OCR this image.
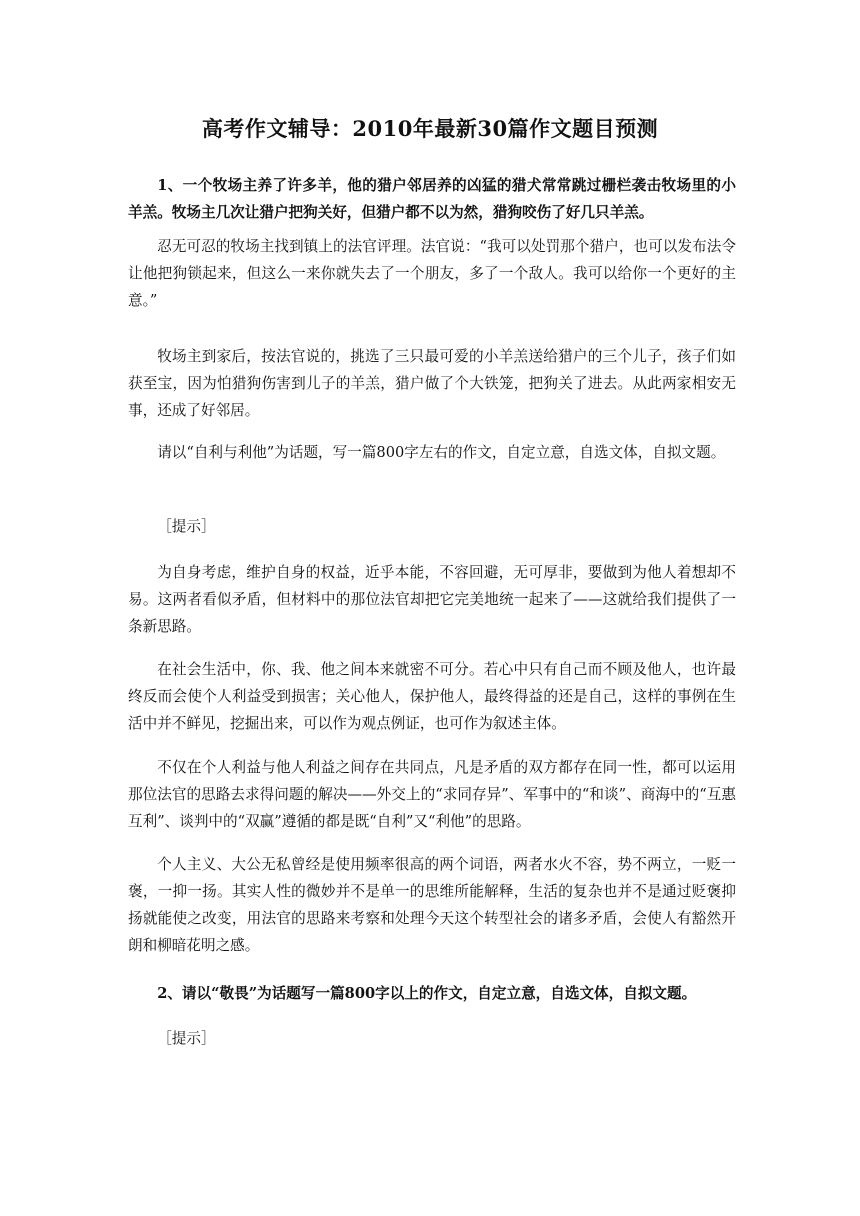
高考作文辅导：2010年最新30篇作文题目预测

1、一个牧场主养了许多羊，他的猎户邻居养的凶猛的猎犬常常跳过栅栏袭击牧场里的小羊羔。牧场主几次让猎户把狗关好，但猎户都不以为然，猎狗咬伤了好几只羊羔。

忍无可忍的牧场主找到镇上的法官评理。法官说：“我可以处罚那个猎户，也可以发布法令让他把狗锁起来，但这么一来你就失去了一个朋友，多了一个敌人。我可以给你一个更好的主意。”

牧场主到家后，按法官说的，挑选了三只最可爱的小羊羔送给猎户的三个儿子，孩子们如获至宝，因为怕猎狗伤害到儿子的羊羔，猎户做了个大铁笼，把狗关了进去。从此两家相安无事，还成了好邻居。

请以“自利与利他”为话题，写一篇800字左右的作文，自定立意，自选文体，自拟文题。

［提示］

为自身考虑，维护自身的权益，近乎本能，不容回避，无可厚非，要做到为他人着想却不易。这两者看似矛盾，但材料中的那位法官却把它完美地统一起来了——这就给我们提供了一条新思路。

在社会生活中，你、我、他之间本来就密不可分。若心中只有自己而不顾及他人，也许最终反而会使个人利益受到损害；关心他人，保护他人，最终得益的还是自己，这样的事例在生活中并不鲜见，挖掘出来，可以作为观点例证，也可作为叙述主体。

不仅在个人利益与他人利益之间存在共同点，凡是矛盾的双方都存在同一性，都可以运用那位法官的思路去求得问题的解决——外交上的“求同存异”、军事中的“和谈”、商海中的“互惠互利”、谈判中的“双赢”遵循的都是既“自利”又“利他”的思路。

个人主义、大公无私曾经是使用频率很高的两个词语，两者水火不容，势不两立，一贬一褒，一抑一扬。其实人性的微妙并不是单一的思维所能解释，生活的复杂也并不是通过贬褒抑扬就能使之改变，用法官的思路来考察和处理今天这个转型社会的诸多矛盾，会使人有豁然开朗和柳暗花明之感。

2、请以“敬畏”为话题写一篇800字以上的作文，自定立意，自选文体，自拟文题。

［提示］
